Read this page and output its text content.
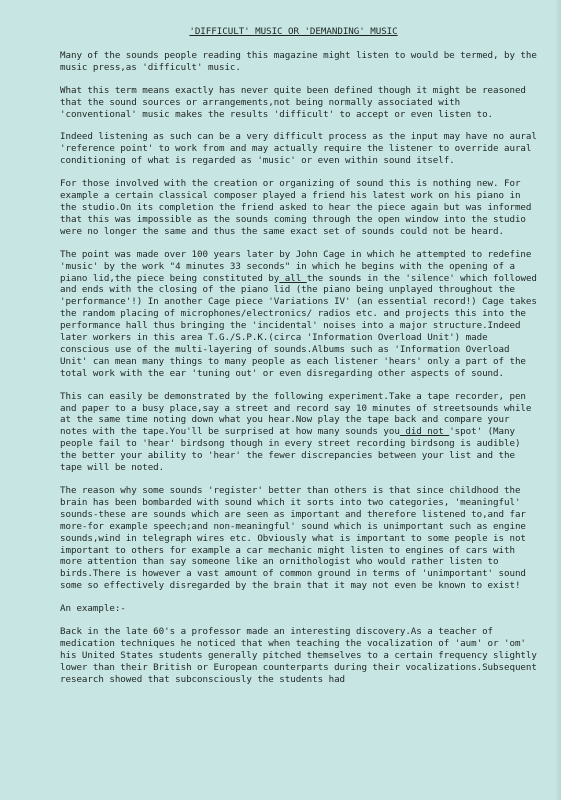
'DIFFICULT' MUSIC OR 'DEMANDING' MUSIC

Many of the sounds people reading this magazine might listen to would be termed, by the music press,as 'difficult' music.

What this term means exactly has never quite been defined though it might be reasoned that the sound sources or arrangements,not being normally associated with 'conventional' music makes the results 'difficult' to accept or even listen to.

Indeed listening as such can be a very difficult process as the input may have no aural 'reference point' to work from and may actually require the listener to override aural conditioning of what is regarded as 'music' or even within sound itself.

For those involved with the creation or organizing of sound this is nothing new. For example a certain classical composer played a friend his latest work on his piano in the studio.On its completion the friend asked to hear the piece again but was informed that this was impossible as the sounds coming through the open window into the studio were no longer the same and thus the same exact set of sounds could not be heard.

The point was made over 100 years later by John Cage in which he attempted to redefine 'music' by the work "4 minutes 33 seconds" in which he begins with the opening of a piano lid,the piece being constituted by all the sounds in the 'silence' which followed and ends with the closing of the piano lid (the piano being unplayed throughout the 'performance'!) In another Cage piece 'Variations IV' (an essential record!) Cage takes the random placing of microphones/electronics/ radios etc. and projects this into the performance hall thus bringing the 'incidental' noises into a major structure.Indeed later workers in this area T.G./S.P.K.(circa 'Information Overload Unit') made conscious use of the multi-layering of sounds.Albums such as 'Information Overload Unit' can mean many things to many people as each listener 'hears' only a part of the total work with the ear 'tuning out' or even disregarding other aspects of sound.

This can easily be demonstrated by the following experiment.Take a tape recorder, pen and paper to a busy place,say a street and record say 10 minutes of streetsounds while at the same time noting down what you hear.Now play the tape back and compare your notes with the tape.You'll be surprised at how many sounds you did not 'spot' (Many people fail to 'hear' birdsong though in every street recording birdsong is audible) the better your ability to 'hear' the fewer discrepancies between your list and the tape will be noted.

The reason why some sounds 'register' better than others is that since childhood the brain has been bombarded with sound which it sorts into two categories, 'meaningful' sounds-these are sounds which are seen as important and therefore listened to,and far more-for example speech;and non-meaningful' sound which is unimportant such as engine sounds,wind in telegraph wires etc. Obviously what is important to some people is not important to others for example a car mechanic might listen to engines of cars with more attention than say someone like an ornithologist who would rather listen to birds.There is however a vast amount of common ground in terms of 'unimportant' sound some so effectively disregarded by the brain that it may not even be known to exist!

An example:-

Back in the late 60's a professor made an interesting discovery.As a teacher of medication techniques he noticed that when teaching the vocalization of 'aum' or 'om' his United States students generally pitched themselves to a certain frequency slightly lower than their British or European counterparts during their vocalizations.Subsequent research showed that subconsciously the students had
